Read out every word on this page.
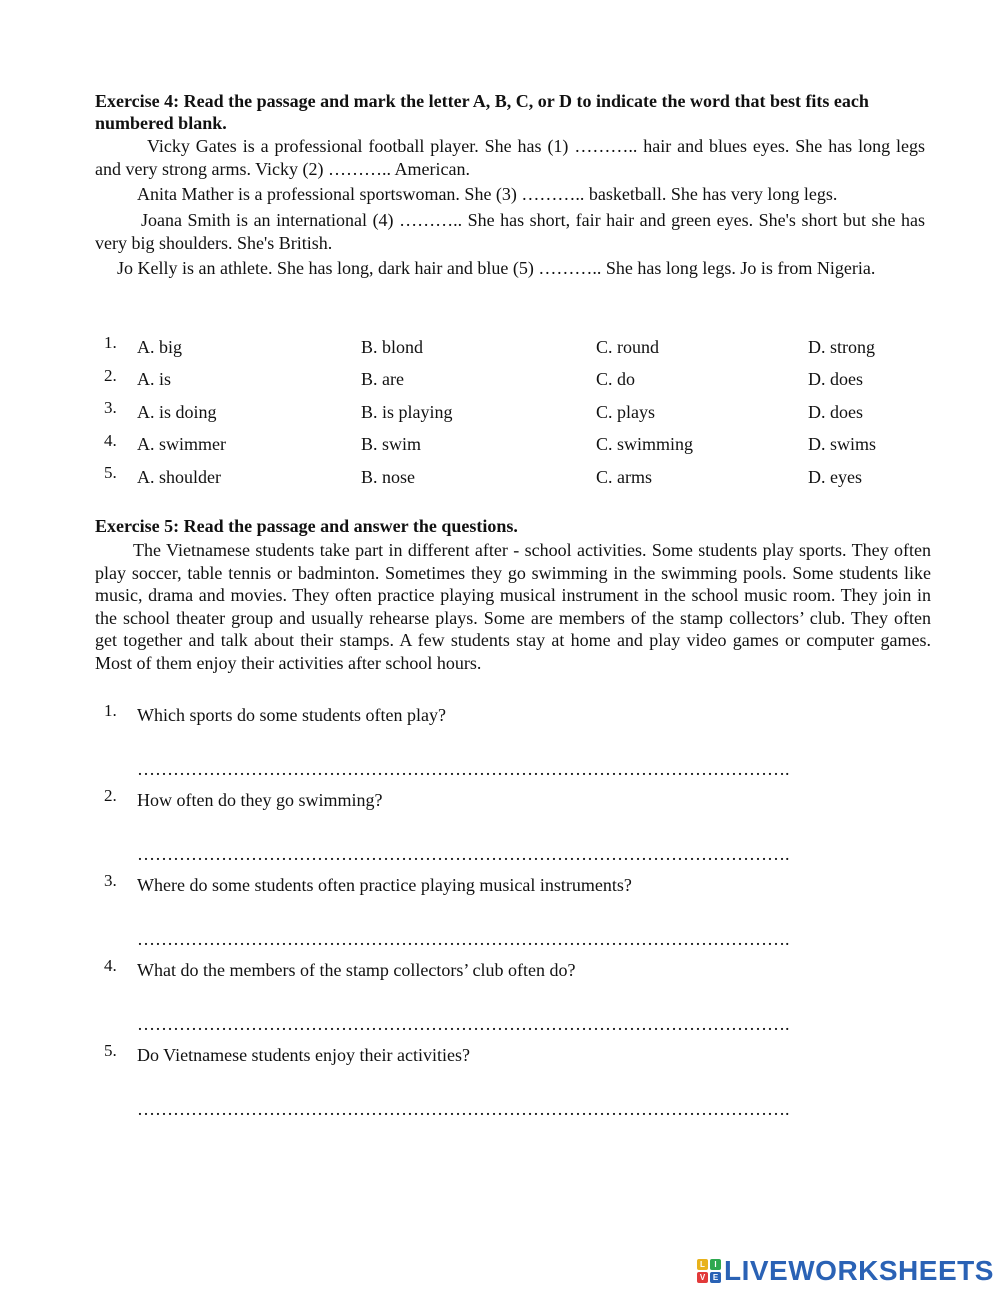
Exercise 4: Read the passage and mark the letter A, B, C, or D to indicate the word that best fits each numbered blank.
Vicky Gates is a professional football player. She has (1) ……….. hair and blues eyes. She has long legs and very strong arms. Vicky (2) ……….. American.
Anita Mather is a professional sportswoman. She (3) ……….. basketball. She has very long legs.
Joana Smith is an international (4) ……….. She has short, fair hair and green eyes. She's short but she has very big shoulders. She's British.
Jo Kelly is an athlete. She has long, dark hair and blue (5) ……….. She has long legs. Jo is from Nigeria.
1. A. big	B. blond	C. round	D. strong
2. A. is	B. are	C. do	D. does
3. A. is doing	B. is playing	C. plays	D. does
4. A. swimmer	B. swim	C. swimming	D. swims
5. A. shoulder	B. nose	C. arms	D. eyes
Exercise 5: Read the passage and answer the questions.
The Vietnamese students take part in different after - school activities. Some students play sports. They often play soccer, table tennis or badminton. Sometimes they go swimming in the swimming pools. Some students like music, drama and movies. They often practice playing musical instrument in the school music room. They join in the school theater group and usually rehearse plays. Some are members of the stamp collectors’ club. They often get together and talk about their stamps. A few students stay at home and play video games or computer games. Most of them enjoy their activities after school hours.
1. Which sports do some students often play?
……………………………………………………………………………………………….
2. How often do they go swimming?
……………………………………………………………………………………………….
3. Where do some students often practice playing musical instruments?
……………………………………………………………………………………………….
4. What do the members of the stamp collectors’ club often do?
……………………………………………………………………………………………….
5. Do Vietnamese students enjoy their activities?
……………………………………………………………………………………………….
L	I
V E LIVEWORKSHEETS
